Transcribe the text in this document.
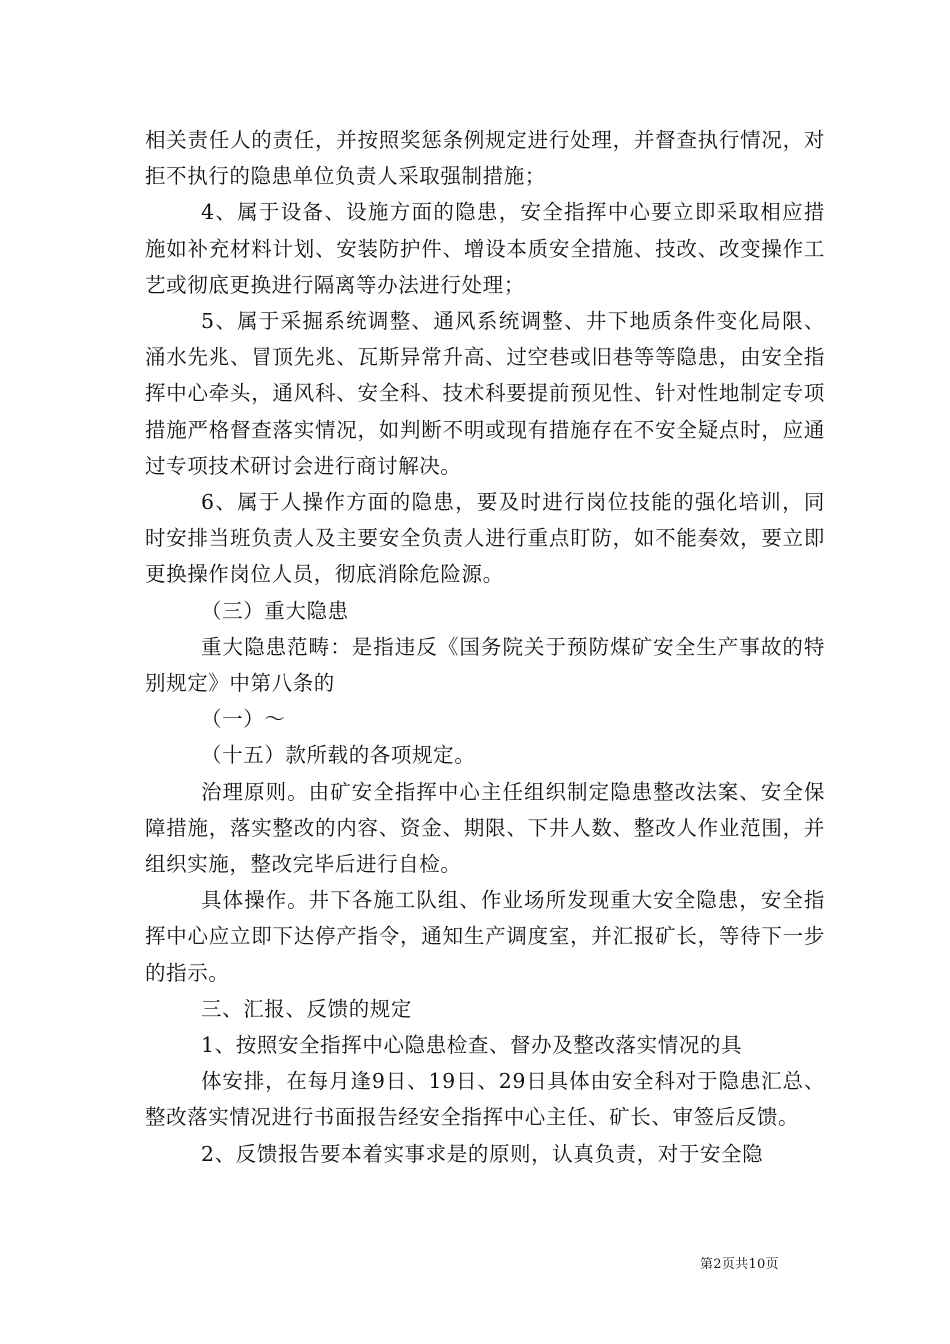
相关责任人的责任，并按照奖惩条例规定进行处理，并督查执行情况，对拒不执行的隐患单位负责人采取强制措施；

4、属于设备、设施方面的隐患，安全指挥中心要立即采取相应措施如补充材料计划、安装防护件、增设本质安全措施、技改、改变操作工艺或彻底更换进行隔离等办法进行处理；

5、属于采掘系统调整、通风系统调整、井下地质条件变化局限、涌水先兆、冒顶先兆、瓦斯异常升高、过空巷或旧巷等等隐患，由安全指挥中心牵头，通风科、安全科、技术科要提前预见性、针对性地制定专项措施严格督查落实情况，如判断不明或现有措施存在不安全疑点时，应通过专项技术研讨会进行商讨解决。

6、属于人操作方面的隐患，要及时进行岗位技能的强化培训，同时安排当班负责人及主要安全负责人进行重点盯防，如不能奏效，要立即更换操作岗位人员，彻底消除危险源。

（三）重大隐患

重大隐患范畴：是指违反《国务院关于预防煤矿安全生产事故的特别规定》中第八条的

（一）～

（十五）款所载的各项规定。

治理原则。由矿安全指挥中心主任组织制定隐患整改法案、安全保障措施，落实整改的内容、资金、期限、下井人数、整改人作业范围，并组织实施，整改完毕后进行自检。

具体操作。井下各施工队组、作业场所发现重大安全隐患，安全指挥中心应立即下达停产指令，通知生产调度室，并汇报矿长，等待下一步的指示。

三、汇报、反馈的规定

1、按照安全指挥中心隐患检查、督办及整改落实情况的具

体安排，在每月逢9日、19日、29日具体由安全科对于隐患汇总、整改落实情况进行书面报告经安全指挥中心主任、矿长、审签后反馈。

2、反馈报告要本着实事求是的原则，认真负责，对于安全隐

第2页共10页
